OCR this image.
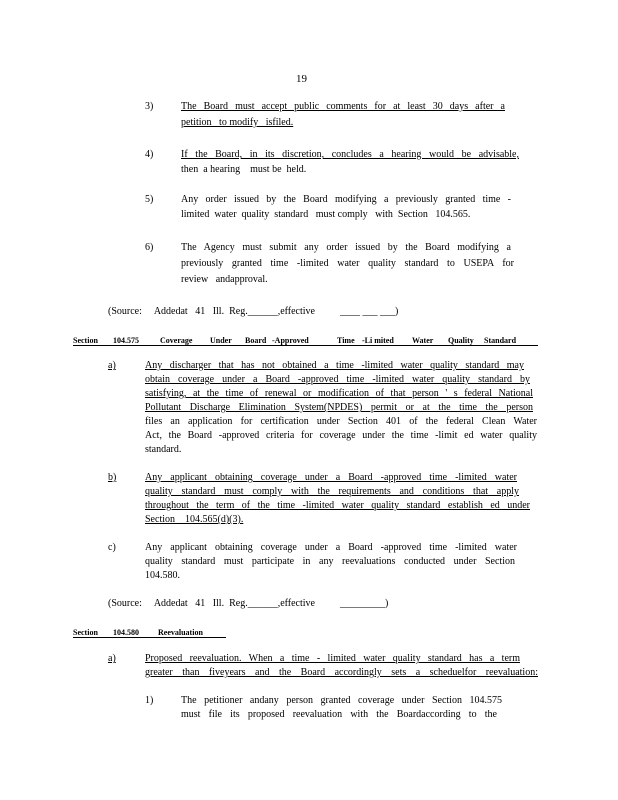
19
3)	The Board must accept public comments for at least 30 days after a
petition   to modify   isfiled.
4)	If the Board, in its discretion, concludes a hearing would be advisable,
then  a hearing    must be  held.
5)	Any order issued by the Board modifying a previously granted time -
limited  water  quality  standard   must comply   with  Section   104.565.
6)	The Agency must submit any order issued by the Board modifying a
previously granted time -limited water quality standard to USEPA for
review   andapproval.
(Source:     Addedat   41   Ill.  Reg.______,effective          ____ ___ ___)
Section 104.575	Coverage Under Board -Approved	Time -Li mited Water Quality Standard
a)	Any discharger that has not obtained a time -limited water quality standard may
obtain coverage under a Board -approved time -limited water quality standard by
satisfying, at the time of renewal or modification of that person ' s federal National
Pollutant Discharge Elimination System(NPDES) permit or at the time the person
files an application for certification under Section 401 of the federal Clean Water
Act, the Board -approved criteria for coverage under the time -limit ed water quality
standard.
b)	Any applicant obtaining coverage under a Board -approved time -limited water
quality standard must comply with the requirements and conditions that apply
throughout the term of the time -limited water quality standard establish ed under
Section    104.565(d)(3).
c)	Any applicant obtaining coverage under a Board -approved time -limited water
quality standard must participate in any reevaluations conducted under Section
104.580.
(Source:     Addedat   41   Ill.  Reg.______,effective          _________)
Section 104.580 Reevaluation
a)	Proposed reevaluation. When a time - limited water quality standard has a term
greater than fiveyears and the Board accordingly sets a scheduelfor reevaluation:
1)	The petitioner andany person granted coverage under Section 104.575
must file its proposed reevaluation with the Boardaccording to the
